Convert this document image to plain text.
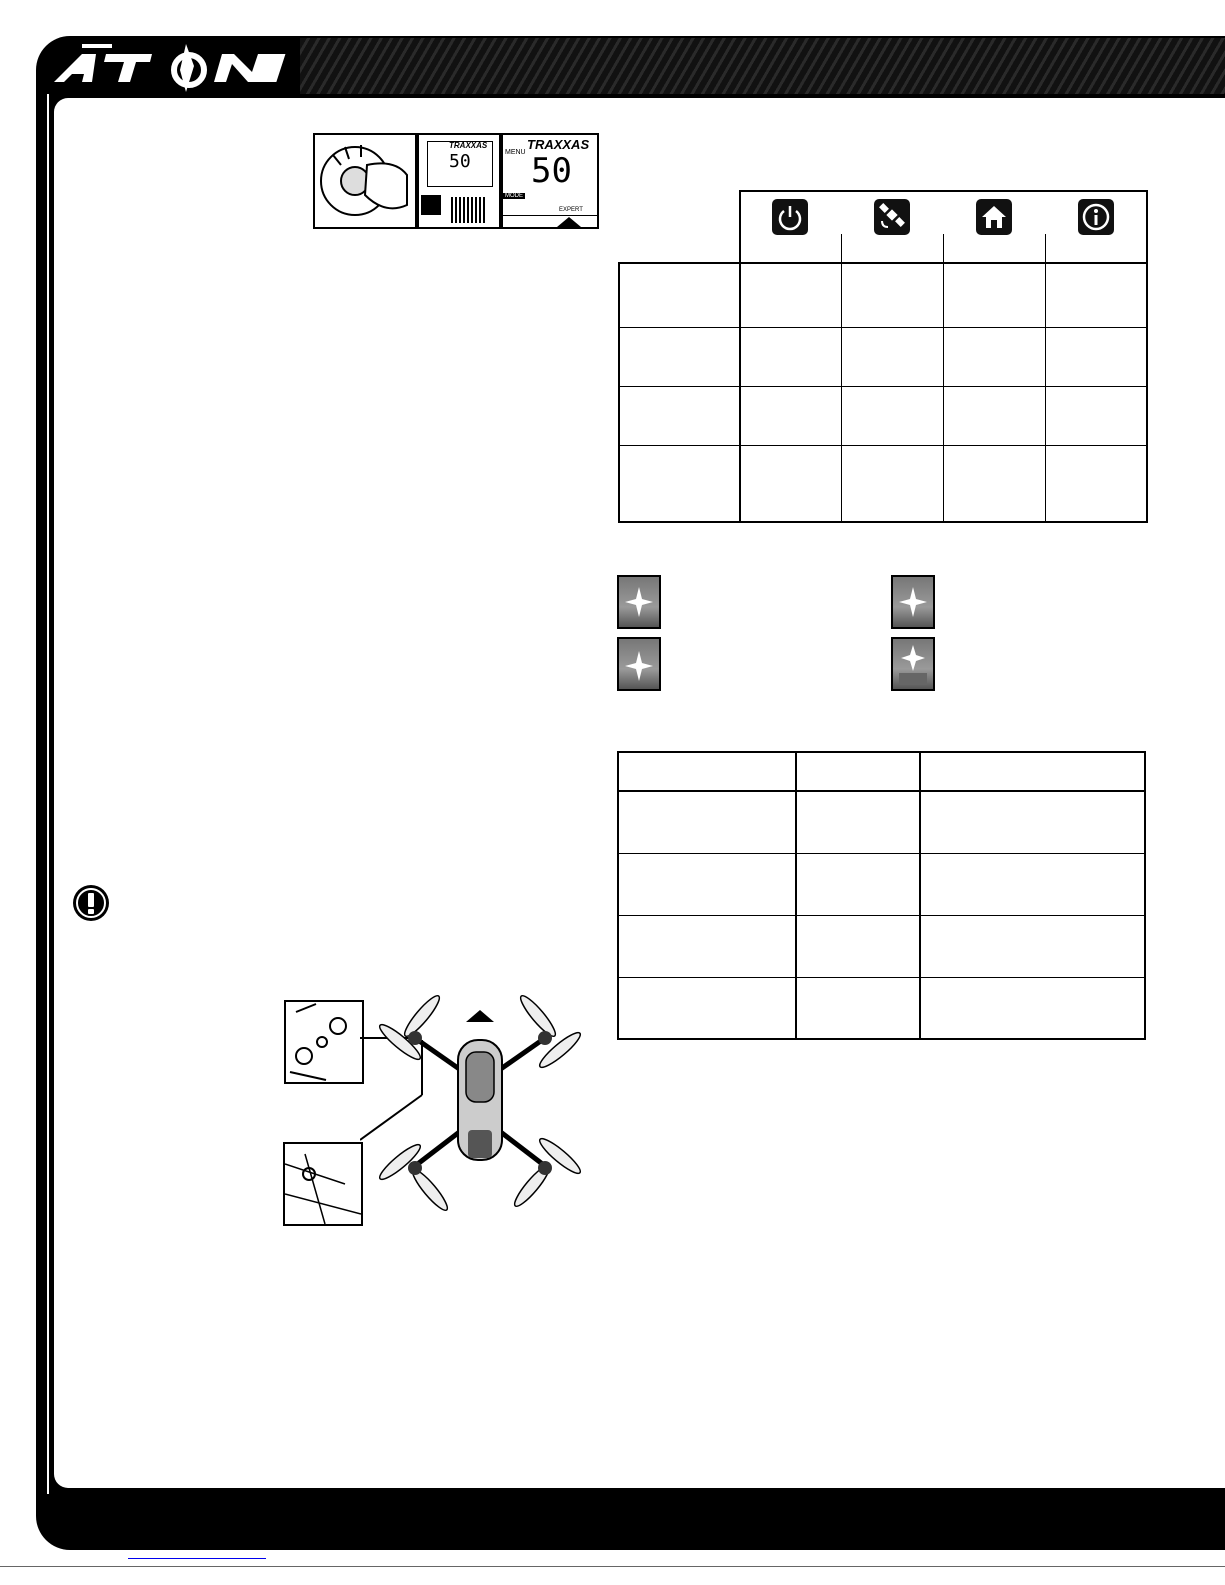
TRAXXAS
50
TRAXXAS
MENU 50
MODE
EXPERT
